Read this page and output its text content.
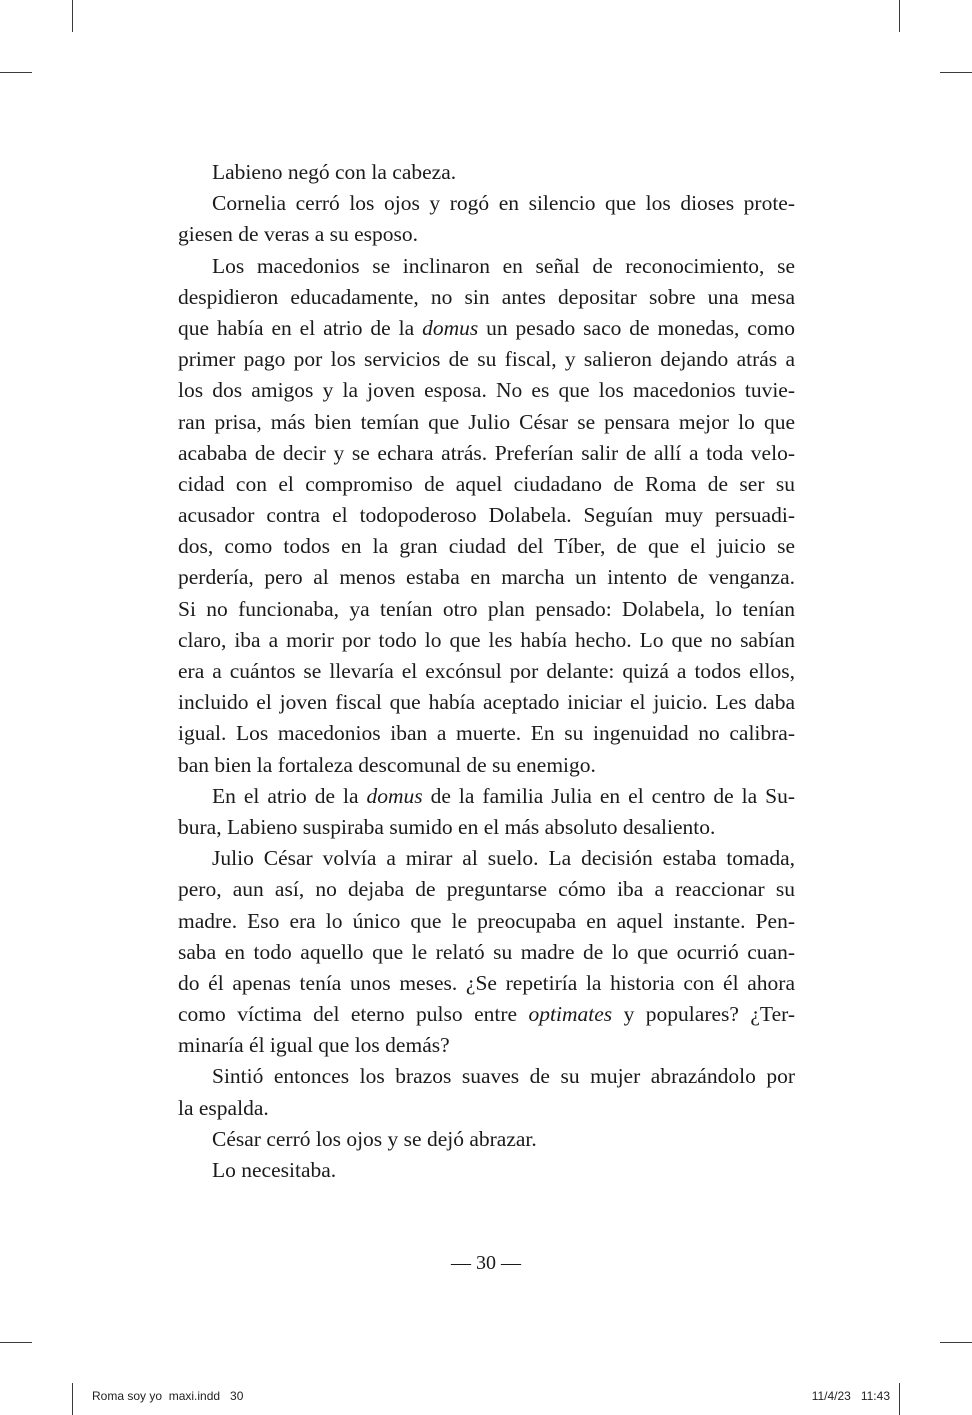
Labieno negó con la cabeza.
Cornelia cerró los ojos y rogó en silencio que los dioses prote-
giesen de veras a su esposo.
Los macedonios se inclinaron en señal de reconocimiento, se
despidieron educadamente, no sin antes depositar sobre una mesa
que había en el atrio de la domus un pesado saco de monedas, como
primer pago por los servicios de su fiscal, y salieron dejando atrás a
los dos amigos y la joven esposa. No es que los macedonios tuvie-
ran prisa, más bien temían que Julio César se pensara mejor lo que
acababa de decir y se echara atrás. Preferían salir de allí a toda velo-
cidad con el compromiso de aquel ciudadano de Roma de ser su
acusador contra el todopoderoso Dolabela. Seguían muy persuadi-
dos, como todos en la gran ciudad del Tíber, de que el juicio se
perdería, pero al menos estaba en marcha un intento de venganza.
Si no funcionaba, ya tenían otro plan pensado: Dolabela, lo tenían
claro, iba a morir por todo lo que les había hecho. Lo que no sabían
era a cuántos se llevaría el excónsul por delante: quizá a todos ellos,
incluido el joven fiscal que había aceptado iniciar el juicio. Les daba
igual. Los macedonios iban a muerte. En su ingenuidad no calibra-
ban bien la fortaleza descomunal de su enemigo.
En el atrio de la domus de la familia Julia en el centro de la Su-
bura, Labieno suspiraba sumido en el más absoluto desaliento.
Julio César volvía a mirar al suelo. La decisión estaba tomada,
pero, aun así, no dejaba de preguntarse cómo iba a reaccionar su
madre. Eso era lo único que le preocupaba en aquel instante. Pen-
saba en todo aquello que le relató su madre de lo que ocurrió cuan-
do él apenas tenía unos meses. ¿Se repetiría la historia con él ahora
como víctima del eterno pulso entre optimates y populares? ¿Ter-
minaría él igual que los demás?
Sintió entonces los brazos suaves de su mujer abrazándolo por
la espalda.
César cerró los ojos y se dejó abrazar.
Lo necesitaba.
— 30 —
Roma soy yo  maxi.indd   30	11/4/23   11:43
